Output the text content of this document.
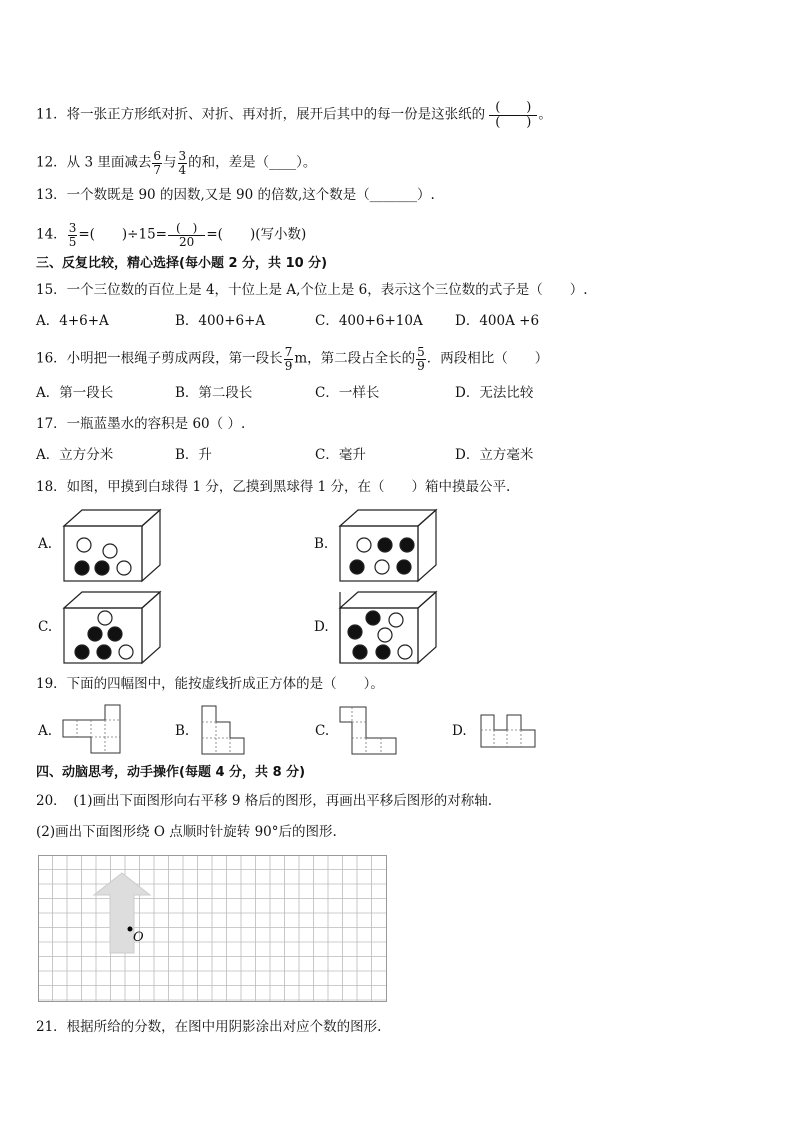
11．将一张正方形纸对折、对折、再对折，展开后其中的每一份是这张纸的 $\frac{( )}{( )}$ 。
12．从 3 里面减去 $\frac{6}{7}$ 与 $\frac{3}{4}$ 的和，差是（____）。
13．一个数既是 90 的因数,又是 90 的倍数,这个数是（_______）.
14． $\frac{3}{5}$ =(　　)$\div 15= \frac{( )}{20}$ =(　　)(写小数)
三、反复比较，精心选择(每小题 2 分，共 10 分)
15．一个三位数的百位上是 4，十位上是 A,个位上是 6，表示这个三位数的式子是（　　）.
A．4+6+A	B．400+6+A	C．400+6+10A D．400A +6
16．小明把一根绳子剪成两段，第一段长 $\frac{7}{9}$ m，第二段占全长的 $\frac{5}{9}$ ．两段相比（　　）
A．第一段长	B．第二段长	C．一样长	D．无法比较
17．一瓶蓝墨水的容积是 60（ ）.
A．立方分米	B．升	C．毫升	D．立方毫米
18．如图，甲摸到白球得 1 分，乙摸到黑球得 1 分，在（　　）箱中摸最公平.
A.	B.
C.	D.
19．下面的四幅图中，能按虚线折成正方体的是（　　）。
A.	B.	C.	D.
四、动脑思考，动手操作(每题 4 分，共 8 分)
20．　(1)画出下面图形向右平移 9 格后的图形，再画出平移后图形的对称轴.
(2)画出下面图形绕 O 点顺时针旋转 90°后的图形.
O
21．根据所给的分数，在图中用阴影涂出对应个数的图形.
